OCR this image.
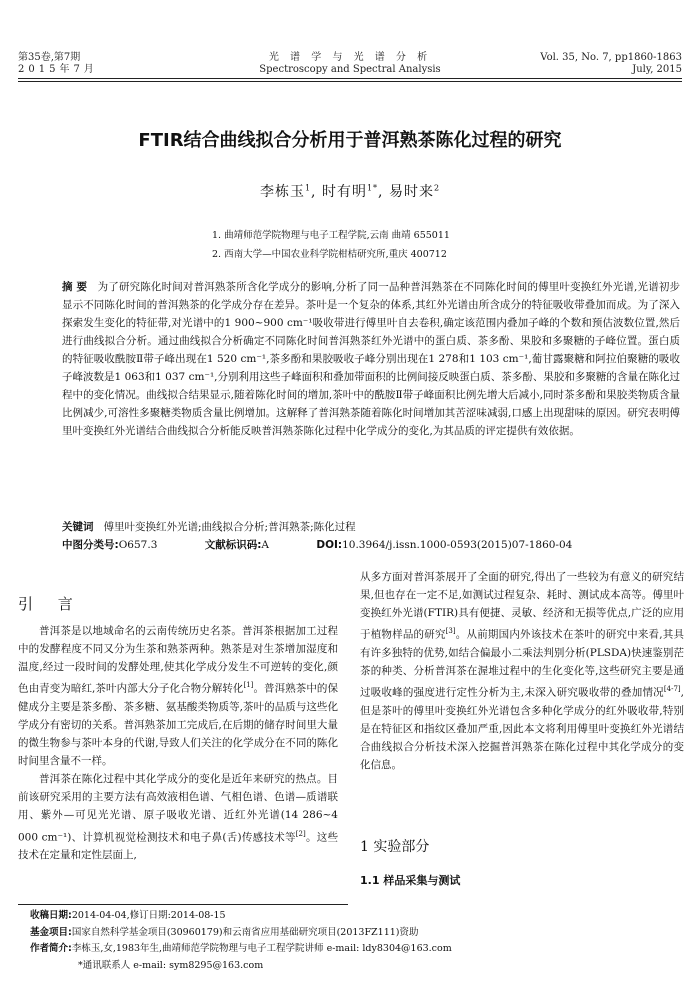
第35卷,第7期
2015年7月
光 谱 学 与 光 谱 分 析
Spectroscopy and Spectral Analysis
Vol. 35, No. 7, pp1860-1863
July, 2015
FTIR结合曲线拟合分析用于普洱熟茶陈化过程的研究
李栋玉$^1$, 时有明$^{1*}$, 易时来$^2$
1. 曲靖师范学院物理与电子工程学院,云南 曲靖 655011
2. 西南大学—中国农业科学院柑桔研究所,重庆 400712
摘 要 为了研究陈化时间对普洱熟茶所含化学成分的影响,分析了同一品种普洱熟茶在不同陈化时间的傅里叶变换红外光谱,光谱初步显示不同陈化时间的普洱熟茶的化学成分存在差异。茶叶是一个复杂的体系,其红外光谱由所含成分的特征吸收带叠加而成。为了深入探索发生变化的特征带,对光谱中的1 900~900 cm⁻¹吸收带进行傅里叶自去卷积,确定该范围内叠加子峰的个数和预估波数位置,然后进行曲线拟合分析。通过曲线拟合分析确定不同陈化时间普洱熟茶红外光谱中的蛋白质、茶多酚、果胶和多聚糖的子峰位置。蛋白质的特征吸收酰胺Ⅱ带子峰出现在1 520 cm⁻¹,茶多酚和果胶吸收子峰分别出现在1 278和1 103 cm⁻¹,葡甘露聚糖和阿拉伯聚糖的吸收子峰波数是1 063和1 037 cm⁻¹,分别利用这些子峰面积和叠加带面积的比例间接反映蛋白质、茶多酚、果胶和多聚糖的含量在陈化过程中的变化情况。曲线拟合结果显示,随着陈化时间的增加,茶叶中的酰胺Ⅱ带子峰面积比例先增大后减小,同时茶多酚和果胶类物质含量比例减少,可溶性多聚糖类物质含量比例增加。这解释了普洱熟茶随着陈化时间增加其苦涩味减弱,口感上出现甜味的原因。研究表明傅里叶变换红外光谱结合曲线拟合分析能反映普洱熟茶陈化过程中化学成分的变化,为其品质的评定提供有效依据。
关键词 傅里叶变换红外光谱;曲线拟合分析;普洱熟茶;陈化过程
中图分类号:O657.3	文献标识码:A	DOI:10.3964/j.issn.1000-0593(2015)07-1860-04
引 言

普洱茶是以地域命名的云南传统历史名茶。普洱茶根据加工过程中的发酵程度不同又分为生茶和熟茶两种。熟茶是对生茶增加湿度和温度,经过一段时间的发酵处理,使其化学成分发生不可逆转的变化,颜色由青变为暗红,茶叶内部大分子化合物分解转化[1]。普洱熟茶中的保健成分主要是茶多酚、茶多糖、氨基酸类物质等,茶叶的品质与这些化学成分有密切的关系。普洱熟茶加工完成后,在后期的储存时间里大量的微生物参与茶叶本身的代谢,导致人们关注的化学成分在不同的陈化时间里含量不一样。

普洱茶在陈化过程中其化学成分的变化是近年来研究的热点。目前该研究采用的主要方法有高效液相色谱、气相色谱、色谱—质谱联用、紫外—可见光光谱、原子吸收光谱、近红外光谱(14 286~4 000 cm⁻¹)、计算机视觉检测技术和电子鼻(舌)传感技术等[2]。这些技术在定量和定性层面上,

从多方面对普洱茶展开了全面的研究,得出了一些较为有意义的研究结果,但也存在一定不足,如测试过程复杂、耗时、测试成本高等。傅里叶变换红外光谱(FTIR)具有便捷、灵敏、经济和无损等优点,广泛的应用于植物样品的研究[3]。从前期国内外该技术在茶叶的研究中来看,其具有许多独特的优势,如结合偏最小二乘法判别分析(PLSDA)快速鉴别茫茶的种类、分析普洱茶在渥堆过程中的生化变化等,这些研究主要是通过吸收峰的强度进行定性分析为主,未深入研究吸收带的叠加情况[4-7],但是茶叶的傅里叶变换红外光谱包含多种化学成分的红外吸收带,特别是在特征区和指纹区叠加严重,因此本文将利用傅里叶变换红外光谱结合曲线拟合分析技术深入挖掘普洱熟茶在陈化过程中其化学成分的变化信息。

1 实验部分
1.1 样品采集与测试
收稿日期:2014-04-04,修订日期:2014-08-15
基金项目:国家自然科学基金项目(30960179)和云南省应用基础研究项目(2013FZ111)资助
作者简介:李栋玉,女,1983年生,曲靖师范学院物理与电子工程学院讲师 e-mail: ldy8304@163.com
*通讯联系人 e-mail: sym8295@163.com
